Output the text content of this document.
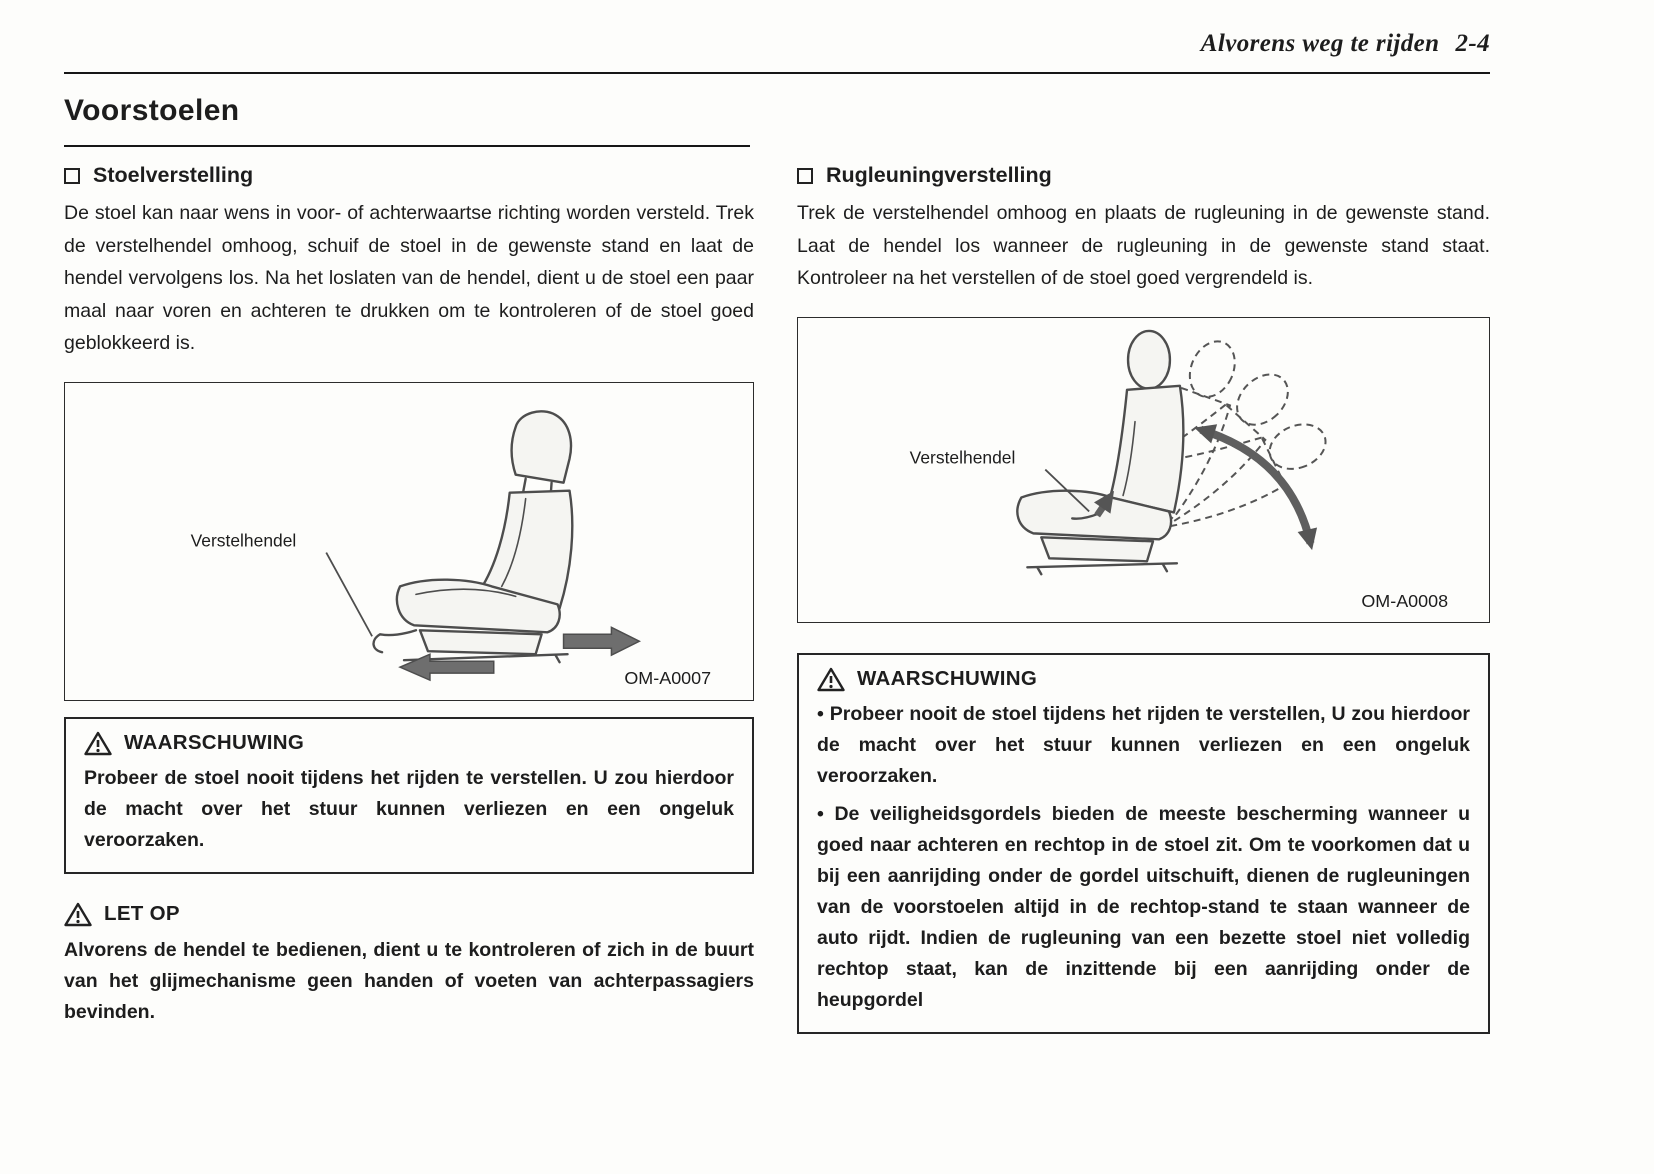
Alvorens weg te rijden 2-4
Voorstoelen
Stoelverstelling

De stoel kan naar wens in voor- of achterwaartse richting worden versteld. Trek de verstelhendel omhoog, schuif de stoel in de gewenste stand en laat de hendel vervolgens los. Na het loslaten van de hendel, dient u de stoel een paar maal naar voren en achteren te drukken om te kontroleren of de stoel goed geblokkeerd is.

Verstelhendel
OM-A0007
WAARSCHUWING

Probeer de stoel nooit tijdens het rijden te verstellen. U zou hierdoor de macht over het stuur kunnen verliezen en een ongeluk veroorzaken.

LET OP

Alvorens de hendel te bedienen, dient u te kontroleren of zich in de buurt van het glijmechanisme geen handen of voeten van achterpassagiers bevinden.

Rugleuningverstelling

Trek de verstelhendel omhoog en plaats de rugleuning in de gewenste stand. Laat de hendel los wanneer de rugleuning in de gewenste stand staat. Kontroleer na het verstellen of de stoel goed vergrendeld is.

Verstelhendel
OM-A0008
WAARSCHUWING

• Probeer nooit de stoel tijdens het rijden te verstellen, U zou hierdoor de macht over het stuur kunnen verliezen en een ongeluk veroorzaken.

• De veiligheidsgordels bieden de meeste bescherming wanneer u goed naar achteren en rechtop in de stoel zit. Om te voorkomen dat u bij een aanrijding onder de gordel uitschuift, dienen de rugleuningen van de voorstoelen altijd in de rechtop-stand te staan wanneer de auto rijdt. Indien de rugleuning van een bezette stoel niet volledig rechtop staat, kan de inzittende bij een aanrijding onder de heupgordel
